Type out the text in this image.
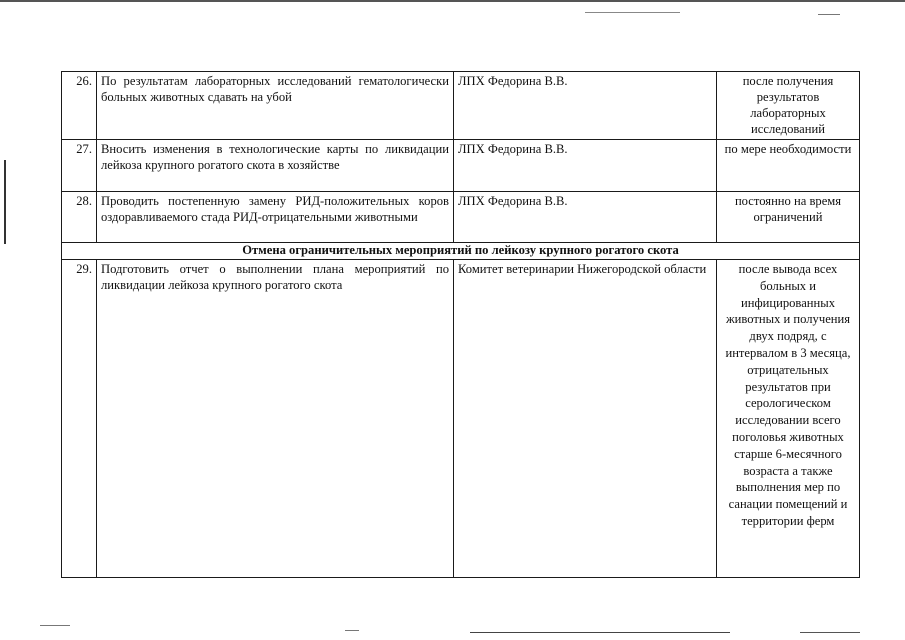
26.	По результатам лабораторных исследований гематологически больных животных сдавать на убой	ЛПХ Федорина В.В.	после получения результатов лабораторных исследований
27.	Вносить изменения в технологические карты по ликвидации лейкоза крупного рогатого скота в хозяйстве	ЛПХ Федорина В.В.	по мере необходимости
28.	Проводить постепенную замену РИД-положительных коров оздоравливаемого стада РИД-отрицательными животными	ЛПХ Федорина В.В.	постоянно на время ограничений
Отмена ограничительных мероприятий по лейкозу крупного рогатого скота			
29.	Подготовить отчет о выполнении плана мероприятий по ликвидации лейкоза крупного рогатого скота	Комитет ветеринарии Нижегородской области	после вывода всех больных и инфицированных животных и получения двух подряд, с интервалом в 3 месяца, отрицательных результатов при серологическом исследовании всего поголовья животных старше 6-месячного возраста а также выполнения мер по санации помещений и территории ферм
